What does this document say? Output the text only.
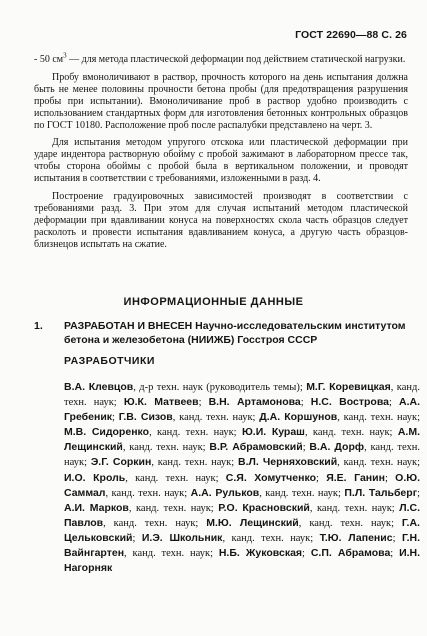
ГОСТ 22690—88 С. 26

- 50 $см^3$ — для метода пластической деформации под действием статической нагрузки.

Пробу вмоноличивают в раствор, прочность которого на день испытания должна быть не менее половины прочности бетона пробы (для предотвращения разрушения пробы при испытании). Вмоноличивание проб в раствор удобно производить с использованием стандартных форм для изготовления бетонных контрольных образцов по ГОСТ 10180. Расположение проб после распалубки представлено на черт. 3.

Для испытания методом упругого отскока или пластической деформации при ударе индентора растворную обойму с пробой зажимают в лабораторном прессе так, чтобы сторона обоймы с пробой была в вертикальном положении, и проводят испытания в соответствии с требованиями, изложенными в разд. 4.

Построение градуировочных зависимостей производят в соответствии с требованиями разд. 3. При этом для случая испытаний методом пластической деформации при вдавливании конуса на поверхностях скола часть образцов следует расколоть и провести испытания вдавливанием конуса, а другую часть образцов-близнецов испытать на сжатие.

ИНФОРМАЦИОННЫЕ ДАННЫЕ
1. РАЗРАБОТАН И ВНЕСЕН Научно-исследовательским институтом бетона и железобетона (НИИЖБ) Госстроя СССР
РАЗРАБОТЧИКИ
В.А. Клевцов, д-р техн. наук (руководитель темы); М.Г. Коревицкая, канд. техн. наук; Ю.К. Матвеев; В.Н. Артамонова; Н.С. Вострова; А.А. Гребеник; Г.В. Сизов, канд. техн. наук; Д.А. Коршунов, канд. техн. наук; М.В. Сидоренко, канд. техн. наук; Ю.И. Кураш, канд. техн. наук; А.М. Лещинский, канд. техн. наук; В.Р. Абрамовский; В.А. Дорф, канд. техн. наук; Э.Г. Соркин, канд. техн. наук; В.Л. Черняховский, канд. техн. наук; И.О. Кроль, канд. техн. наук; С.Я. Хомутченко; Я.Е. Ганин; О.Ю. Саммал, канд. техн. наук; А.А. Рульков, канд. техн. наук; П.Л. Тальберг; А.И. Марков, канд. техн. наук; Р.О. Красновский, канд. техн. наук; Л.С. Павлов, канд. техн. наук; М.Ю. Лещинский, канд. техн. наук; Г.А. Цельковский; И.Э. Школьник, канд. техн. наук; Т.Ю. Лапенис; Г.Н. Вайнгартен, канд. техн. наук; Н.Б. Жуковская; С.П. Абрамова; И.Н. Нагорняк
